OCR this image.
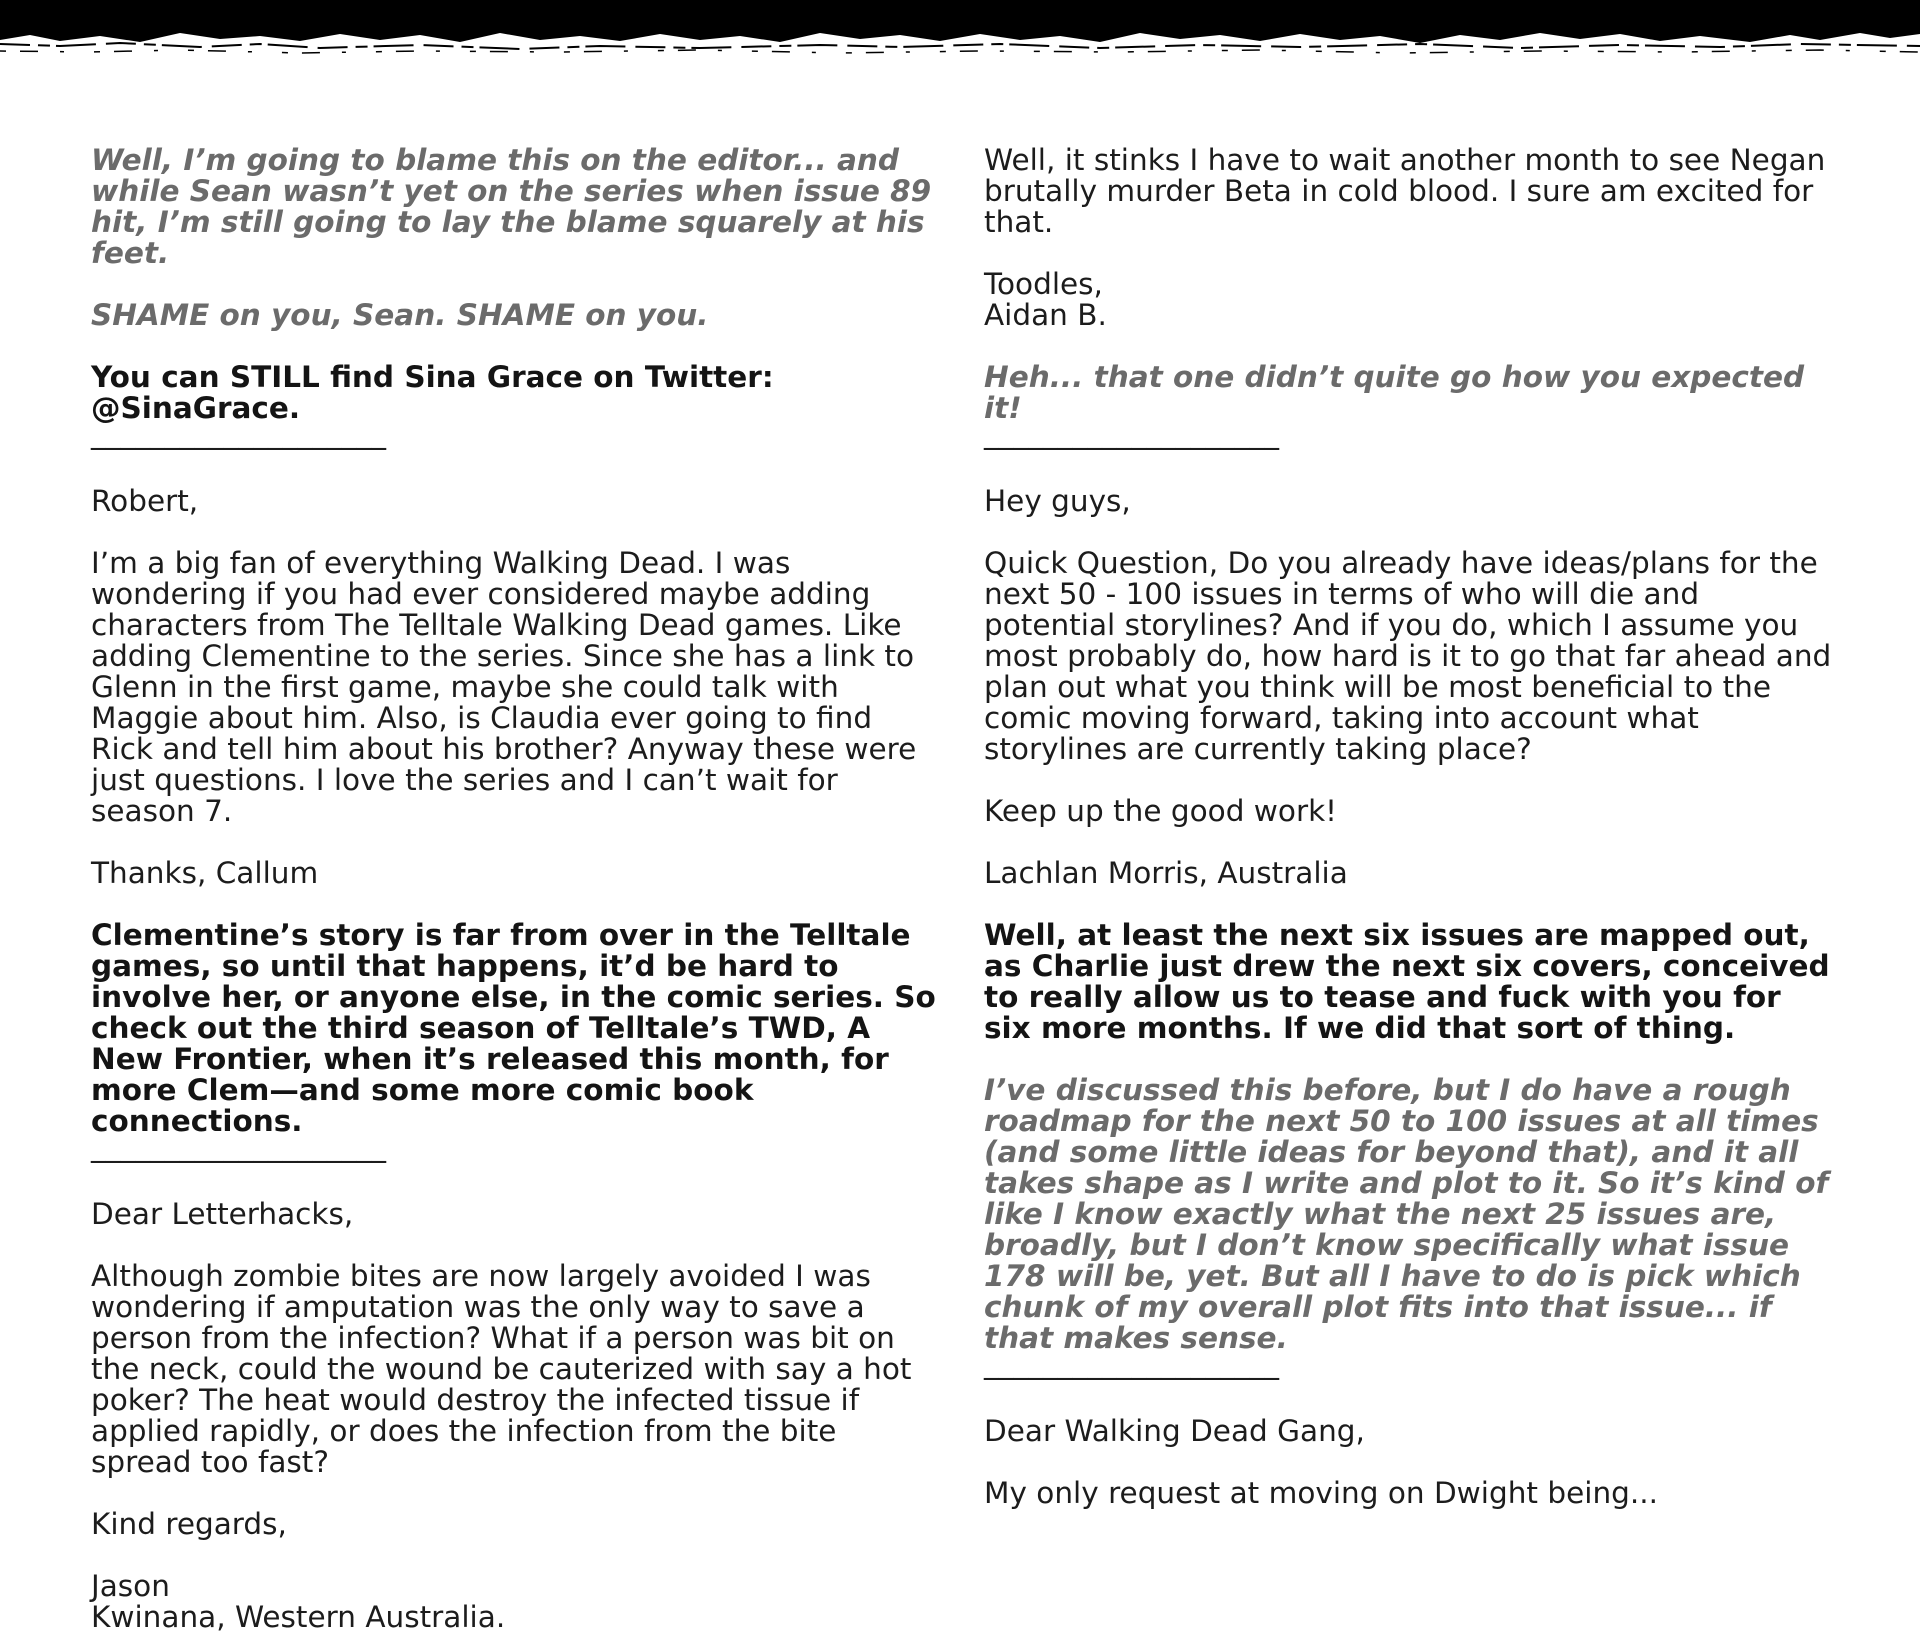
Well, I’m going to blame this on the editor... and while Sean wasn’t yet on the series when issue 89 hit, I’m still going to lay the blame squarely at his feet.

SHAME on you, Sean. SHAME on you.

You can STILL find Sina Grace on Twitter: @SinaGrace.

____________________

Robert,

I’m a big fan of everything Walking Dead. I was wondering if you had ever considered maybe adding characters from The Telltale Walking Dead games. Like adding Clementine to the series. Since she has a link to Glenn in the first game, maybe she could talk with Maggie about him. Also, is Claudia ever going to find Rick and tell him about his brother? Anyway these were just questions. I love the series and I can’t wait for season 7.

Thanks, Callum

Clementine’s story is far from over in the Telltale games, so until that happens, it’d be hard to involve her, or anyone else, in the comic series. So check out the third season of Telltale’s TWD, A New Frontier, when it’s released this month, for more Clem—and some more comic book connections.

____________________

Dear Letterhacks,

Although zombie bites are now largely avoided I was wondering if amputation was the only way to save a person from the infection? What if a person was bit on the neck, could the wound be cauterized with say a hot poker? The heat would destroy the infected tissue if applied rapidly, or does the infection from the bite spread too fast?

Kind regards,

Jason

Kwinana, Western Australia.

Well, it stinks I have to wait another month to see Negan brutally murder Beta in cold blood. I sure am excited for that.

Toodles,

Aidan B.

Heh... that one didn’t quite go how you expected it!

____________________

Hey guys,

Quick Question, Do you already have ideas/plans for the next 50 - 100 issues in terms of who will die and potential storylines? And if you do, which I assume you most probably do, how hard is it to go that far ahead and plan out what you think will be most beneficial to the comic moving forward, taking into account what storylines are currently taking place?

Keep up the good work!

Lachlan Morris, Australia

Well, at least the next six issues are mapped out, as Charlie just drew the next six covers, conceived to really allow us to tease and fuck with you for six more months. If we did that sort of thing.

I’ve discussed this before, but I do have a rough roadmap for the next 50 to 100 issues at all times (and some little ideas for beyond that), and it all takes shape as I write and plot to it. So it’s kind of like I know exactly what the next 25 issues are, broadly, but I don’t know specifically what issue 178 will be, yet. But all I have to do is pick which chunk of my overall plot fits into that issue... if that makes sense.

____________________

Dear Walking Dead Gang,

My only request at moving on Dwight being...
